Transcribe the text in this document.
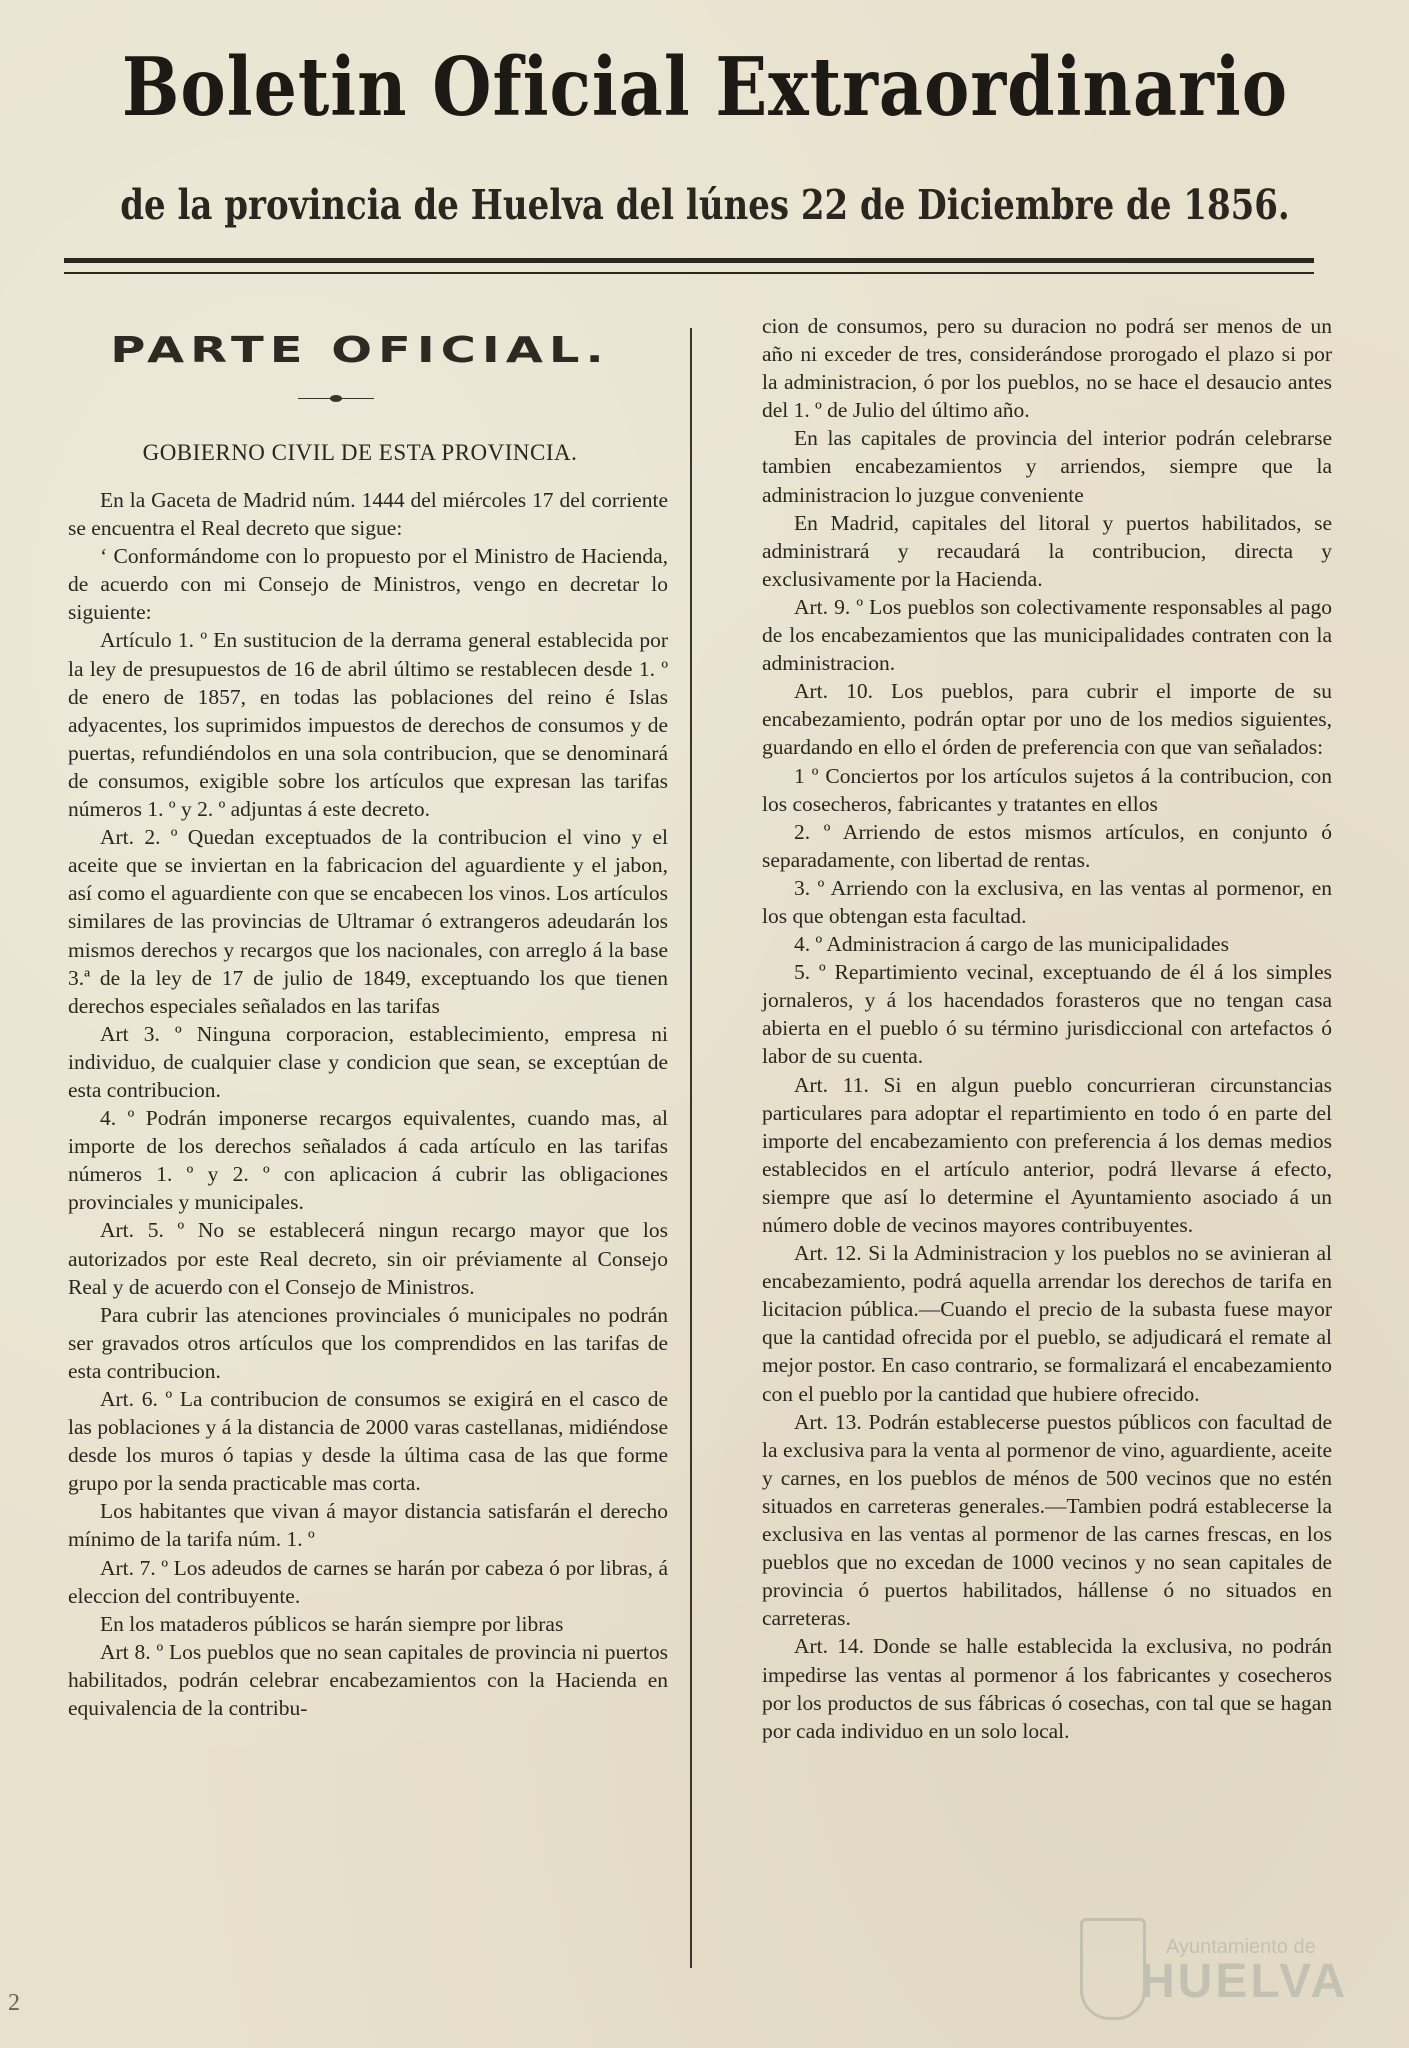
Boletin Oficial Extraordinario
de la provincia de Huelva del lúnes 22 de Diciembre de 1856.
PARTE OFICIAL.
GOBIERNO CIVIL DE ESTA PROVINCIA.

En la Gaceta de Madrid núm. 1444 del miércoles 17 del corriente se encuentra el Real decreto que sigue:

‘ Conformándome con lo propuesto por el Ministro de Hacienda, de acuerdo con mi Consejo de Ministros, vengo en decretar lo siguiente:

Artículo 1. º En sustitucion de la derrama general establecida por la ley de presupuestos de 16 de abril último se restablecen desde 1. º de enero de 1857, en todas las poblaciones del reino é Islas adyacentes, los suprimidos impuestos de derechos de consumos y de puertas, refundiéndolos en una sola contribucion, que se denominará de consumos, exigible sobre los artículos que expresan las tarifas números 1. º y 2. º adjuntas á este decreto.

Art. 2. º Quedan exceptuados de la contribucion el vino y el aceite que se inviertan en la fabricacion del aguardiente y el jabon, así como el aguardiente con que se encabecen los vinos. Los artículos similares de las provincias de Ultramar ó extrangeros adeudarán los mismos derechos y recargos que los nacionales, con arreglo á la base 3.ª de la ley de 17 de julio de 1849, exceptuando los que tienen derechos especiales señalados en las tarifas

Art 3. º Ninguna corporacion, establecimiento, empresa ni individuo, de cualquier clase y condicion que sean, se exceptúan de esta contribucion.

4. º Podrán imponerse recargos equivalentes, cuando mas, al importe de los derechos señalados á cada artículo en las tarifas números 1. º y 2. º con aplicacion á cubrir las obligaciones provinciales y municipales.

Art. 5. º No se establecerá ningun recargo mayor que los autorizados por este Real decreto, sin oir préviamente al Consejo Real y de acuerdo con el Consejo de Ministros.

Para cubrir las atenciones provinciales ó municipales no podrán ser gravados otros artículos que los comprendidos en las tarifas de esta contribucion.

Art. 6. º La contribucion de consumos se exigirá en el casco de las poblaciones y á la distancia de 2000 varas castellanas, midiéndose desde los muros ó tapias y desde la última casa de las que forme grupo por la senda practicable mas corta.

Los habitantes que vivan á mayor distancia satisfarán el derecho mínimo de la tarifa núm. 1. º

Art. 7. º Los adeudos de carnes se harán por cabeza ó por libras, á eleccion del contribuyente.

En los mataderos públicos se harán siempre por libras

Art 8. º Los pueblos que no sean capitales de provincia ni puertos habilitados, podrán celebrar encabezamientos con la Hacienda en equivalencia de la contribu-

cion de consumos, pero su duracion no podrá ser menos de un año ni exceder de tres, considerándose prorogado el plazo si por la administracion, ó por los pueblos, no se hace el desaucio antes del 1. º de Julio del último año.

En las capitales de provincia del interior podrán celebrarse tambien encabezamientos y arriendos, siempre que la administracion lo juzgue conveniente

En Madrid, capitales del litoral y puertos habilitados, se administrará y recaudará la contribucion, directa y exclusivamente por la Hacienda.

Art. 9. º Los pueblos son colectivamente responsables al pago de los encabezamientos que las municipalidades contraten con la administracion.

Art. 10. Los pueblos, para cubrir el importe de su encabezamiento, podrán optar por uno de los medios siguientes, guardando en ello el órden de preferencia con que van señalados:

1 º Conciertos por los artículos sujetos á la contribucion, con los cosecheros, fabricantes y tratantes en ellos

2. º Arriendo de estos mismos artículos, en conjunto ó separadamente, con libertad de rentas.

3. º Arriendo con la exclusiva, en las ventas al pormenor, en los que obtengan esta facultad.

4. º Administracion á cargo de las municipalidades

5. º Repartimiento vecinal, exceptuando de él á los simples jornaleros, y á los hacendados forasteros que no tengan casa abierta en el pueblo ó su término jurisdiccional con artefactos ó labor de su cuenta.

Art. 11. Si en algun pueblo concurrieran circunstancias particulares para adoptar el repartimiento en todo ó en parte del importe del encabezamiento con preferencia á los demas medios establecidos en el artículo anterior, podrá llevarse á efecto, siempre que así lo determine el Ayuntamiento asociado á un número doble de vecinos mayores contribuyentes.

Art. 12. Si la Administracion y los pueblos no se avinieran al encabezamiento, podrá aquella arrendar los derechos de tarifa en licitacion pública.—Cuando el precio de la subasta fuese mayor que la cantidad ofrecida por el pueblo, se adjudicará el remate al mejor postor. En caso contrario, se formalizará el encabezamiento con el pueblo por la cantidad que hubiere ofrecido.

Art. 13. Podrán establecerse puestos públicos con facultad de la exclusiva para la venta al pormenor de vino, aguardiente, aceite y carnes, en los pueblos de ménos de 500 vecinos que no estén situados en carreteras generales.—Tambien podrá establecerse la exclusiva en las ventas al pormenor de las carnes frescas, en los pueblos que no excedan de 1000 vecinos y no sean capitales de provincia ó puertos habilitados, hállense ó no situados en carreteras.

Art. 14. Donde se halle establecida la exclusiva, no podrán impedirse las ventas al pormenor á los fabricantes y cosecheros por los productos de sus fábricas ó cosechas, con tal que se hagan por cada individuo en un solo local.

Ayuntamiento de
HUELVA
2
